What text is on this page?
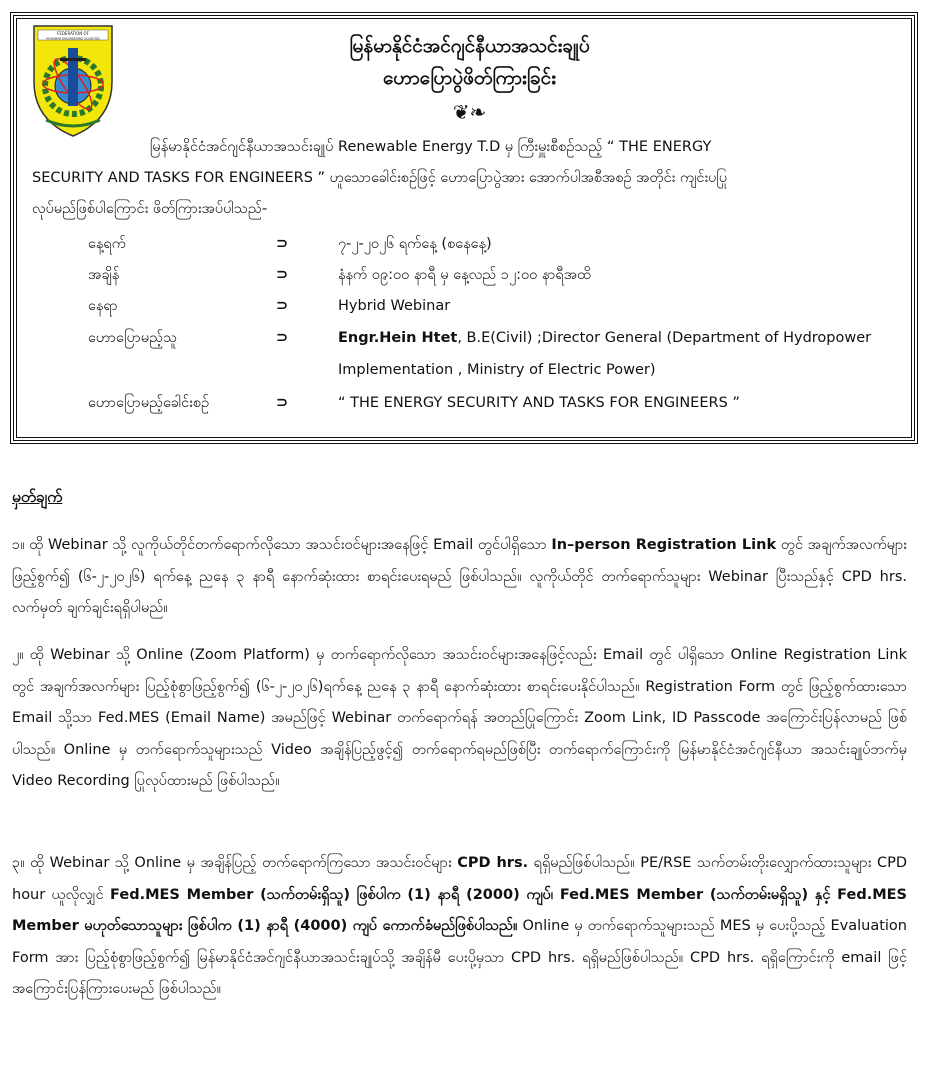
FEDERATION OF
MYANMAR ENGINEERING SOCIETIES	မြန်မာနိုင်ငံအင်ဂျင်နီယာအသင်းချုပ်
ဟောပြောပွဲဖိတ်ကြားခြင်း
❦❧
မြန်မာနိုင်ငံအင်ဂျင်နီယာအသင်းချုပ် Renewable Energy T.D မှ ကြီးမှူးစီစဉ်သည့် “ THE ENERGY
SECURITY AND TASKS FOR ENGINEERS ” ဟူသောခေါင်းစဉ်ဖြင့် ဟောပြောပွဲအား အောက်ပါအစီအစဉ် အတိုင်း ကျင်းပပြု
လုပ်မည်ဖြစ်ပါကြောင်း ဖိတ်ကြားအပ်ပါသည်-
နေ့ရက်	⊃	၇-၂-၂၀၂၆ ရက်နေ့ (စနေနေ့)
အချိန်	⊃	နံနက် ၀၉:၀၀ နာရီ မှ နေ့လည် ၁၂:၀၀ နာရီအထိ
နေရာ	⊃	Hybrid Webinar
ဟောပြောမည့်သူ	⊃	Engr.Hein Htet, B.E(Civil) ;Director General (Department of Hydropower
Implementation , Ministry of Electric Power)
ဟောပြောမည့်ခေါင်းစဉ်	⊃	“ THE ENERGY SECURITY AND TASKS FOR ENGINEERS ”
မှတ်ချက်
၁။ ထို Webinar သို့ လူကိုယ်တိုင်တက်ရောက်လိုသော အသင်းဝင်များအနေဖြင့် Email တွင်ပါရှိသော In–person Registration Link တွင် အချက်အလက်များ ဖြည့်စွက်၍ (၆-၂-၂၀၂၆) ရက်နေ့ ညနေ ၃ နာရီ နောက်ဆုံးထား စာရင်းပေးရမည် ဖြစ်ပါသည်။ လူကိုယ်တိုင် တက်ရောက်သူများ Webinar ပြီးသည်နှင့် CPD hrs. လက်မှတ် ချက်ချင်းရရှိပါမည်။
၂။ ထို Webinar သို့ Online (Zoom Platform) မှ တက်ရောက်လိုသော အသင်းဝင်များအနေဖြင့်လည်း Email တွင် ပါရှိသော Online Registration Link တွင် အချက်အလက်များ ပြည့်စုံစွာဖြည့်စွက်၍ (၆-၂-၂၀၂၆)ရက်နေ့ ညနေ ၃ နာရီ နောက်ဆုံးထား စာရင်းပေးနိုင်ပါသည်။ Registration Form တွင် ဖြည့်စွက်ထားသော Email သို့သာ Fed.MES (Email Name) အမည်ဖြင့် Webinar တက်ရောက်ရန် အတည်ပြုကြောင်း Zoom Link, ID Passcode အကြောင်းပြန်လာမည် ဖြစ်ပါသည်။ Online မှ တက်ရောက်သူများသည် Video အချိန်ပြည့်ဖွင့်၍ တက်ရောက်ရမည်ဖြစ်ပြီး တက်ရောက်ကြောင်းကို မြန်မာနိုင်ငံအင်ဂျင်နီယာ အသင်းချုပ်ဘက်မှ Video Recording ပြုလုပ်ထားမည် ဖြစ်ပါသည်။
၃။ ထို Webinar သို့ Online မှ အချိန်ပြည့် တက်ရောက်ကြသော အသင်းဝင်များ CPD hrs. ရရှိမည်ဖြစ်ပါသည်။ PE/RSE သက်တမ်းတိုးလျှောက်ထားသူများ CPD hour ယူလိုလျှင် Fed.MES Member (သက်တမ်းရှိသူ) ဖြစ်ပါက (1) နာရီ (2000) ကျပ်၊ Fed.MES Member (သက်တမ်းမရှိသူ) နှင့် Fed.MES Member မဟုတ်သောသူများ ဖြစ်ပါက (1) နာရီ (4000) ကျပ် ကောက်ခံမည်ဖြစ်ပါသည်။ Online မှ တက်ရောက်သူများသည် MES မှ ပေးပို့သည့် Evaluation Form အား ပြည့်စုံစွာဖြည့်စွက်၍ မြန်မာနိုင်ငံအင်ဂျင်နီယာအသင်းချုပ်သို့ အချိန်မီ ပေးပို့မှသာ CPD hrs. ရရှိမည်ဖြစ်ပါသည်။ CPD hrs. ရရှိကြောင်းကို email ဖြင့် အကြောင်းပြန်ကြားပေးမည် ဖြစ်ပါသည်။
